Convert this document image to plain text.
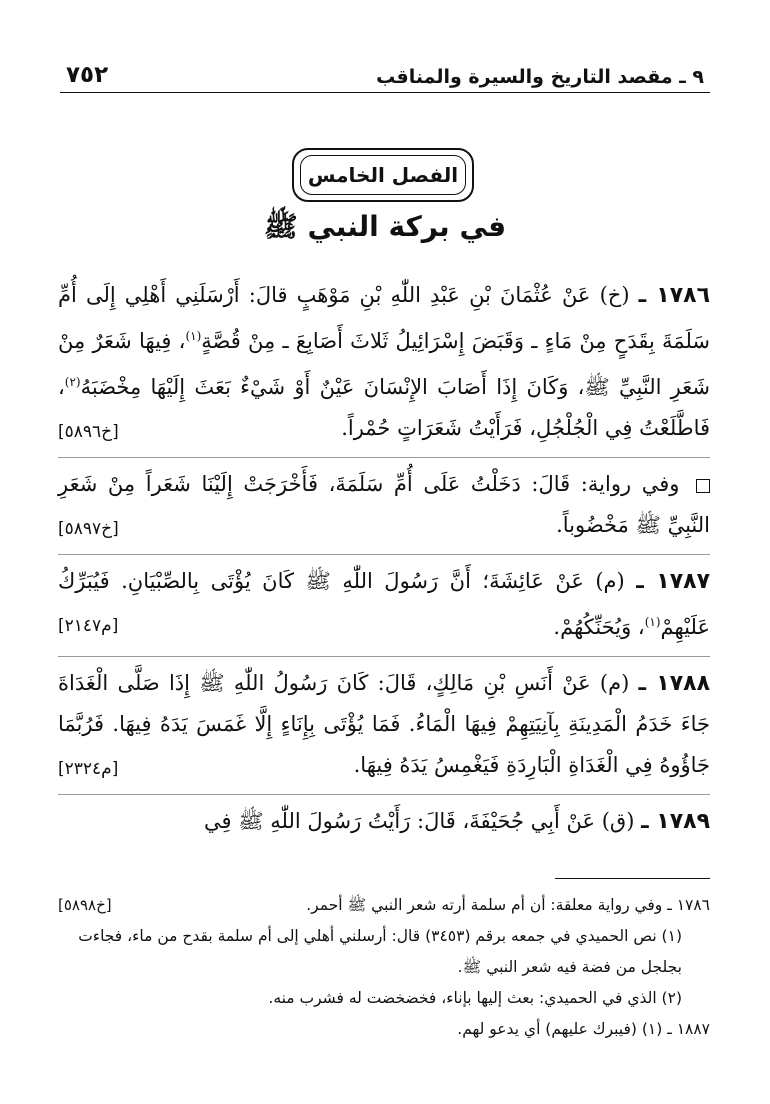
٩ ـ مقصد التاريخ والسيرة والمناقب
٧٥٢
الفصل الخامس
في بركة النبي ﷺ

١٧٨٦ ـ (خ) عَنْ عُثْمَانَ بْنِ عَبْدِ اللّٰهِ بْنِ مَوْهَبٍ قالَ: أَرْسَلَنِي أَهْلِي إِلَى أُمِّ سَلَمَةَ بِقَدَحٍ مِنْ مَاءٍ ـ وَقَبَضَ إِسْرَائِيلُ ثَلاثَ أَصَابِعَ ـ مِنْ قُصَّةٍ$^{(١)}$، فِيهَا شَعَرٌ مِنْ شَعَرِ النَّبِيِّ ﷺ، وَكَانَ إِذَا أَصَابَ الإِنْسَانَ عَيْنٌ أَوْ شَيْءٌ بَعَثَ إِلَيْهَا مِخْضَبَهُ$^{(٢)}$، فَاطَّلَعْتُ فِي الْجُلْجُلِ، فَرَأَيْتُ شَعَرَاتٍ حُمْراً.
[خ٥٨٩٦]

وفي رواية: قَالَ: دَخَلْتُ عَلَى أُمِّ سَلَمَةَ، فَأَخْرَجَتْ إِلَيْنَا شَعَراً مِنْ شَعَرِ النَّبِيِّ ﷺ مَخْضُوباً.
[خ٥٨٩٧]

١٧٨٧ ـ (م) عَنْ عَائِشَةَ؛ أَنَّ رَسُولَ اللّٰهِ ﷺ كَانَ يُؤْتَى بِالصِّبْيَانِ. فَيُبَرِّكُ عَلَيْهِمْ$^{(١)}$، وَيُحَنِّكُهُمْ.
[م٢١٤٧]

١٧٨٨ ـ (م) عَنْ أَنَسِ بْنِ مَالِكٍ، قَالَ: كَانَ رَسُولُ اللّٰهِ ﷺ إِذَا صَلَّى الْغَدَاةَ جَاءَ خَدَمُ الْمَدِينَةِ بِآنِيَتِهِمْ فِيهَا الْمَاءُ. فَمَا يُؤْتَى بِإِنَاءٍ إِلَّا غَمَسَ يَدَهُ فِيهَا. فَرُبَّمَا جَاؤُوهُ فِي الْغَدَاةِ الْبَارِدَةِ فَيَغْمِسُ يَدَهُ فِيهَا.
[م٢٣٢٤]

١٧٨٩ ـ (ق) عَنْ أَبِي جُحَيْفَةَ، قَالَ: رَأَيْتُ رَسُولَ اللّٰهِ ﷺ فِي

١٧٨٦ ـ وفي رواية معلقة: أن أم سلمة أرته شعر النبي ﷺ أحمر.
[خ٥٨٩٨]

(١) نص الحميدي في جمعه برقم (٣٤٥٣) قال: أرسلني أهلي إلى أم سلمة بقدح من ماء، فجاءت بجلجل من فضة فيه شعر النبي ﷺ.

(٢) الذي في الحميدي: بعث إليها بإناء، فخضخضت له فشرب منه.

١٨٨٧ ـ (١) (فيبرك عليهم) أي يدعو لهم.
